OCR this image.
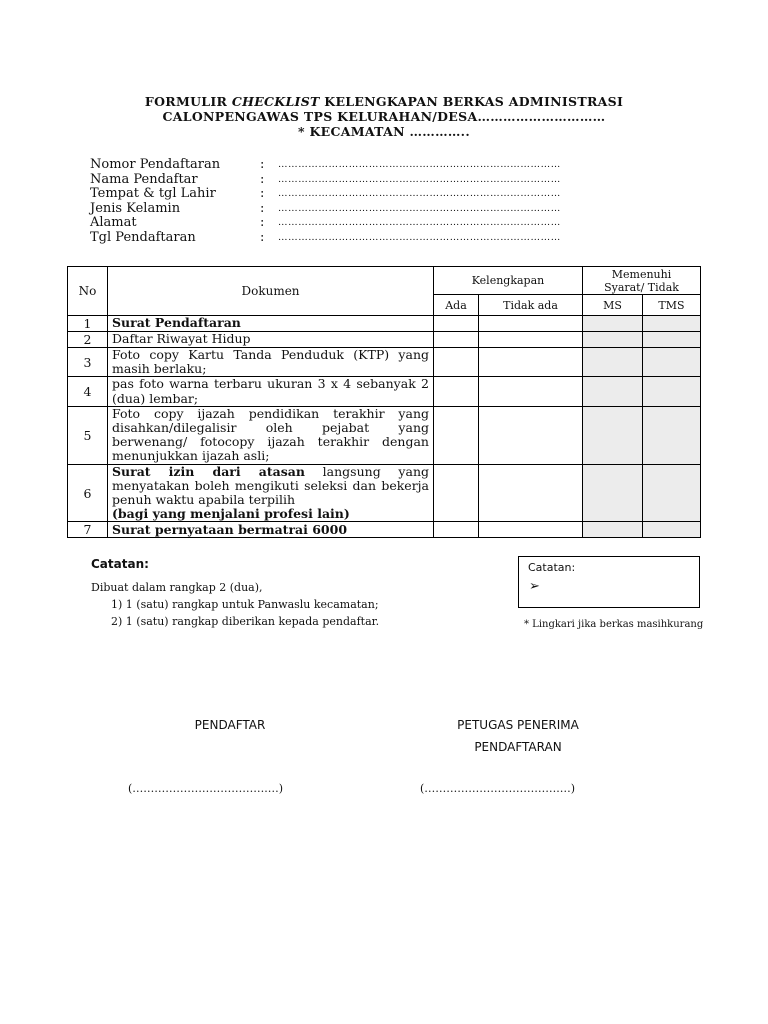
FORMULIR CHECKLIST KELENGKAPAN BERKAS ADMINISTRASI
CALONPENGAWAS TPS KELURAHAN/DESA…………………………
* KECAMATAN …………..
Nomor Pendaftaran	:	…………………………………………………………………………
Nama Pendaftar	:	…………………………………………………………………………
Tempat & tgl Lahir	:	…………………………………………………………………………
Jenis Kelamin	:	…………………………………………………………………………
Alamat	:	…………………………………………………………………………
Tgl Pendaftaran	:	…………………………………………………………………………
No	Dokumen	Kelengkapan		Memenuhi
Syarat/ Tidak	
		Ada	Tidak ada	MS	TMS
1	Surat Pendaftaran				
2	Daftar Riwayat Hidup				
3	Foto copy Kartu Tanda Penduduk (KTP) yang masih berlaku;				
4	pas foto warna terbaru ukuran 3 x 4 sebanyak 2 (dua) lembar;				
5	Foto copy ijazah pendidikan terakhir yang disahkan/dilegalisir oleh pejabat yang berwenang/ fotocopy ijazah terakhir dengan menunjukkan ijazah asli;				
6	Surat izin dari atasan langsung yang menyatakan boleh mengikuti seleksi dan bekerja penuh waktu apabila terpilih
(bagi yang menjalani profesi lain)				
7	Surat pernyataan bermatrai 6000				
Catatan:
Dibuat dalam rangkap 2 (dua),
1) 1 (satu) rangkap untuk Panwaslu kecamatan;
2) 1 (satu) rangkap diberikan kepada pendaftar.
Catatan:
➢
* Lingkari jika berkas masihkurang
PENDAFTAR	PETUGAS PENERIMA
PENDAFTARAN
(……………………………….…)	(……………………………….…)
